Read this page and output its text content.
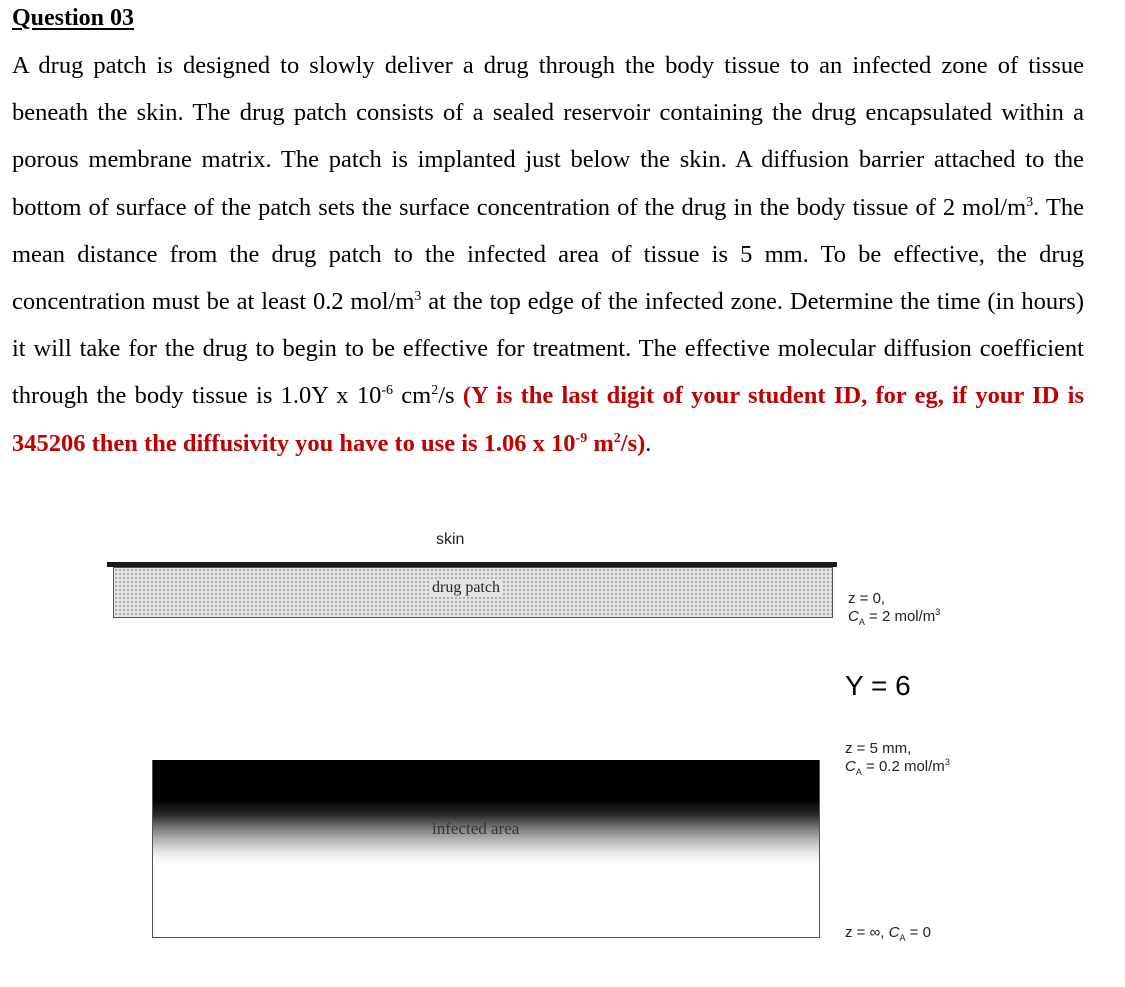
Question 03

A drug patch is designed to slowly deliver a drug through the body tissue to an infected zone of tissue beneath the skin. The drug patch consists of a sealed reservoir containing the drug encapsulated within a porous membrane matrix. The patch is implanted just below the skin. A diffusion barrier attached to the bottom of surface of the patch sets the surface concentration of the drug in the body tissue of 2 mol/$m^3$. The mean distance from the drug patch to the infected area of tissue is 5 mm. To be effective, the drug concentration must be at least 0.2 mol/$m^3$ at the top edge of the infected zone. Determine the time (in hours) it will take for the drug to begin to be effective for treatment. The effective molecular diffusion coefficient through the body tissue is 1.0Y x $10^{-6}$ $cm^2/s$ (Y is the last digit of your student ID, for eg, if your ID is 345206 then the diffusivity you have to use is 1.06 x $10^{-9}$ $m^2/s$).

skin
drug patch
z = 0,
$C_A = 2$ mol/$m^3$
Y = 6
z = 5 mm,
$C_A = 0.2$ mol/$m^3$
infected area
z = ∞, $C_A = 0$
